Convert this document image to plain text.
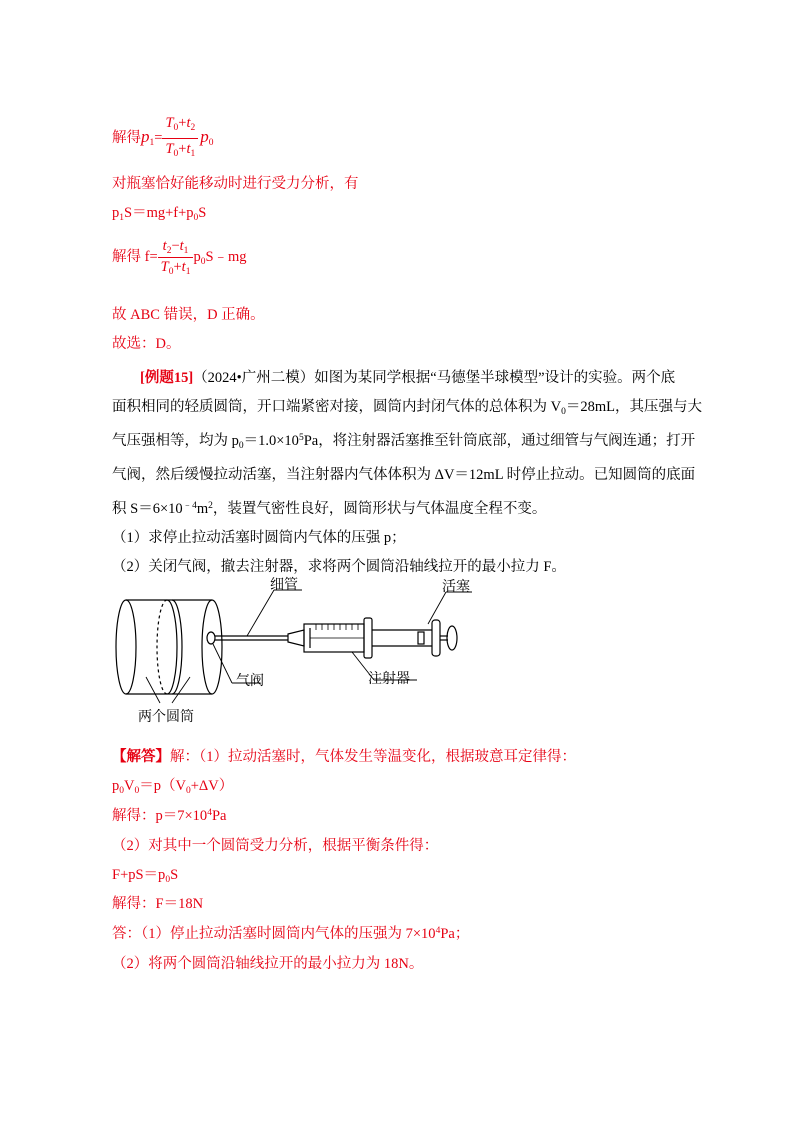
解得$p_1= \frac{T_0+t_2}{T_0+t_1} p_0$
对瓶塞恰好能移动时进行受力分析，有
$p_1S=mg+f+p_0S$
解得 $f= \frac{t_2-t_1}{T_0+t_1}$ $p_0S﹣mg$
故 ABC 错误，D 正确。
故选：D。
[例题15]（2024•广州二模）如图为某同学根据“马德堡半球模型”设计的实验。两个底
面积相同的轻质圆筒，开口端紧密对接，圆筒内封闭气体的总体积为 $V_0=28mL$，其压强与大
气压强相等，均为 $p_0=1.0\times 10^5Pa$，将注射器活塞推至针筒底部，通过细管与气阀连通；打开
气阀，然后缓慢拉动活塞，当注射器内气体体积为 ΔV＝12mL 时停止拉动。已知圆筒的底面
积 $S=6\times 10^{﹣4}m^2$，装置气密性良好，圆筒形状与气体温度全程不变。
（1）求停止拉动活塞时圆筒内气体的压强 p；
（2）关闭气阀，撤去注射器，求将两个圆筒沿轴线拉开的最小拉力 F。
细管	活塞
气阀	注射器
两个圆筒
【解答】解：（1）拉动活塞时，气体发生等温变化，根据玻意耳定律得：
$p_0V_0=p(V_0+\Delta V)$
解得：$p=7\times 10^4Pa$
（2）对其中一个圆筒受力分析，根据平衡条件得：
$F+pS=p_0S$
解得：F＝18N
答：（1）停止拉动活塞时圆筒内气体的压强为 $7\times 10^4Pa$；
（2）将两个圆筒沿轴线拉开的最小拉力为 18N。
